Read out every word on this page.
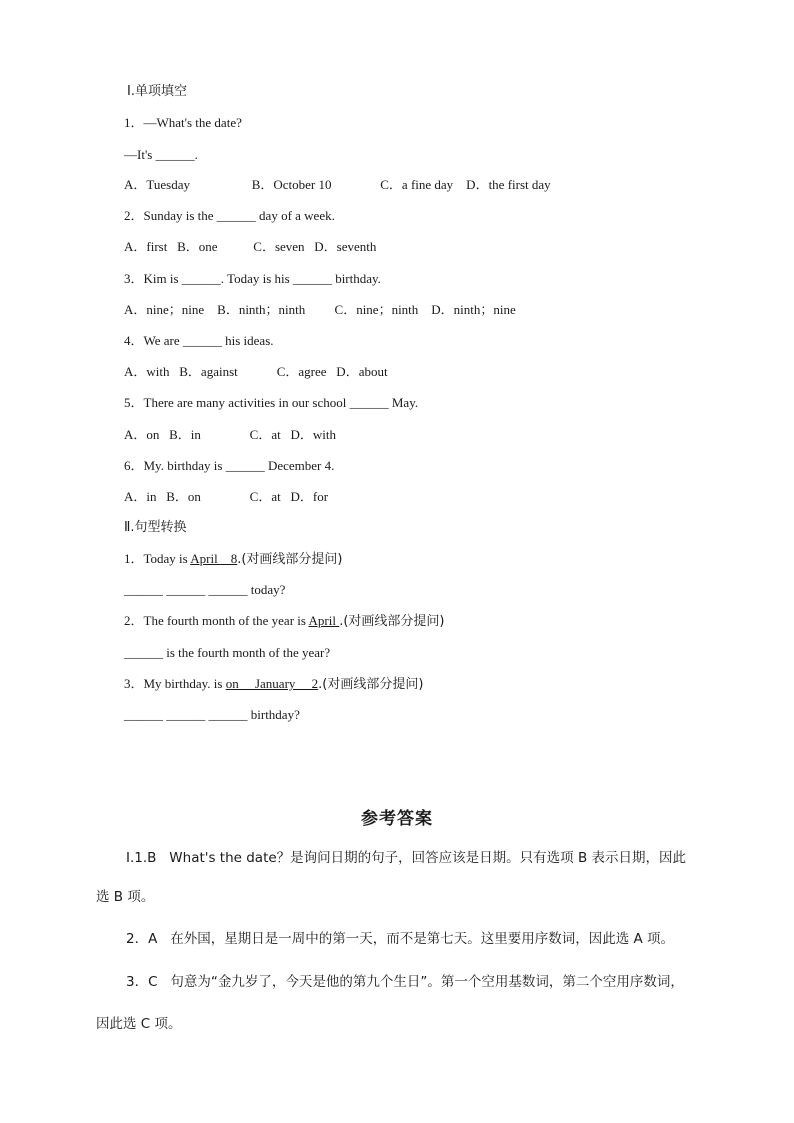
Ⅰ.单项填空
1．—What's the date?
—It's ______.
A．Tuesday                   B．October 10               C．a fine day    D．the first day
2．Sunday is the ______ day of a week.
A．first   B．one           C．seven   D．seventh
3．Kim is ______. Today is his ______ birthday.
A．nine；nine    B．ninth；ninth         C．nine；ninth    D．ninth；nine
4．We are ______ his ideas.
A．with   B．against            C．agree   D．about
5．There are many activities in our school ______ May.
A．on   B．in               C．at   D．with
6．My. birthday is ______ December 4.
A．in   B．on               C．at   D．for
Ⅱ.句型转换
1．Today is April    8.(对画线部分提问)
______ ______ ______ today?
2．The fourth month of the year is April .(对画线部分提问)
______ is the fourth month of the year?
3．My birthday. is on     January     2.(对画线部分提问)
______ ______ ______ birthday?
参考答案
Ⅰ.1.B   What's the date？是询问日期的句子，回答应该是日期。只有选项 B 表示日期，因此
选 B 项。
2．A   在外国，星期日是一周中的第一天，而不是第七天。这里要用序数词，因此选 A 项。
3．C   句意为“金九岁了，今天是他的第九个生日”。第一个空用基数词，第二个空用序数词，
因此选 C 项。
